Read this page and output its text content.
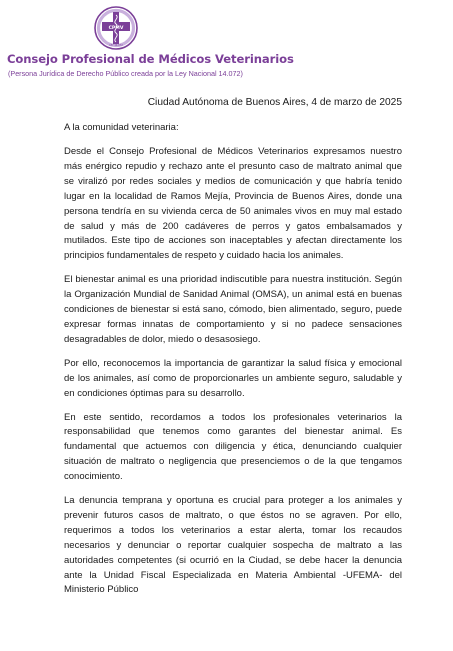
CPMV
LEY 14.072
Consejo Profesional de Médicos Veterinarios
(Persona Jurídica de Derecho Público creada por la Ley Nacional 14.072)
Ciudad Autónoma de Buenos Aires, 4 de marzo de 2025
A la comunidad veterinaria:

Desde el Consejo Profesional de Médicos Veterinarios expresamos nuestro más enérgico repudio y rechazo ante el presunto caso de maltrato animal que se viralizó por redes sociales y medios de comunicación y que habría tenido lugar en la localidad de Ramos Mejía, Provincia de Buenos Aires, donde una persona tendría en su vivienda cerca de 50 animales vivos en muy mal estado de salud y más de 200 cadáveres de perros y gatos embalsamados y mutilados. Este tipo de acciones son inaceptables y afectan directamente los principios fundamentales de respeto y cuidado hacia los animales.

El bienestar animal es una prioridad indiscutible para nuestra institución. Según la Organización Mundial de Sanidad Animal (OMSA), un animal está en buenas condiciones de bienestar si está sano, cómodo, bien alimentado, seguro, puede expresar formas innatas de comportamiento y si no padece sensaciones desagradables de dolor, miedo o desasosiego.

Por ello, reconocemos la importancia de garantizar la salud física y emocional de los animales, así como de proporcionarles un ambiente seguro, saludable y en condiciones óptimas para su desarrollo.

En este sentido, recordamos a todos los profesionales veterinarios la responsabilidad que tenemos como garantes del bienestar animal. Es fundamental que actuemos con diligencia y ética, denunciando cualquier situación de maltrato o negligencia que presenciemos o de la que tengamos conocimiento.

La denuncia temprana y oportuna es crucial para proteger a los animales y prevenir futuros casos de maltrato, o que éstos no se agraven. Por ello, requerimos a todos los veterinarios a estar alerta, tomar los recaudos necesarios y denunciar o reportar cualquier sospecha de maltrato a las autoridades competentes (si ocurrió en la Ciudad, se debe hacer la denuncia ante la Unidad Fiscal Especializada en Materia Ambiental -UFEMA- del Ministerio Público
